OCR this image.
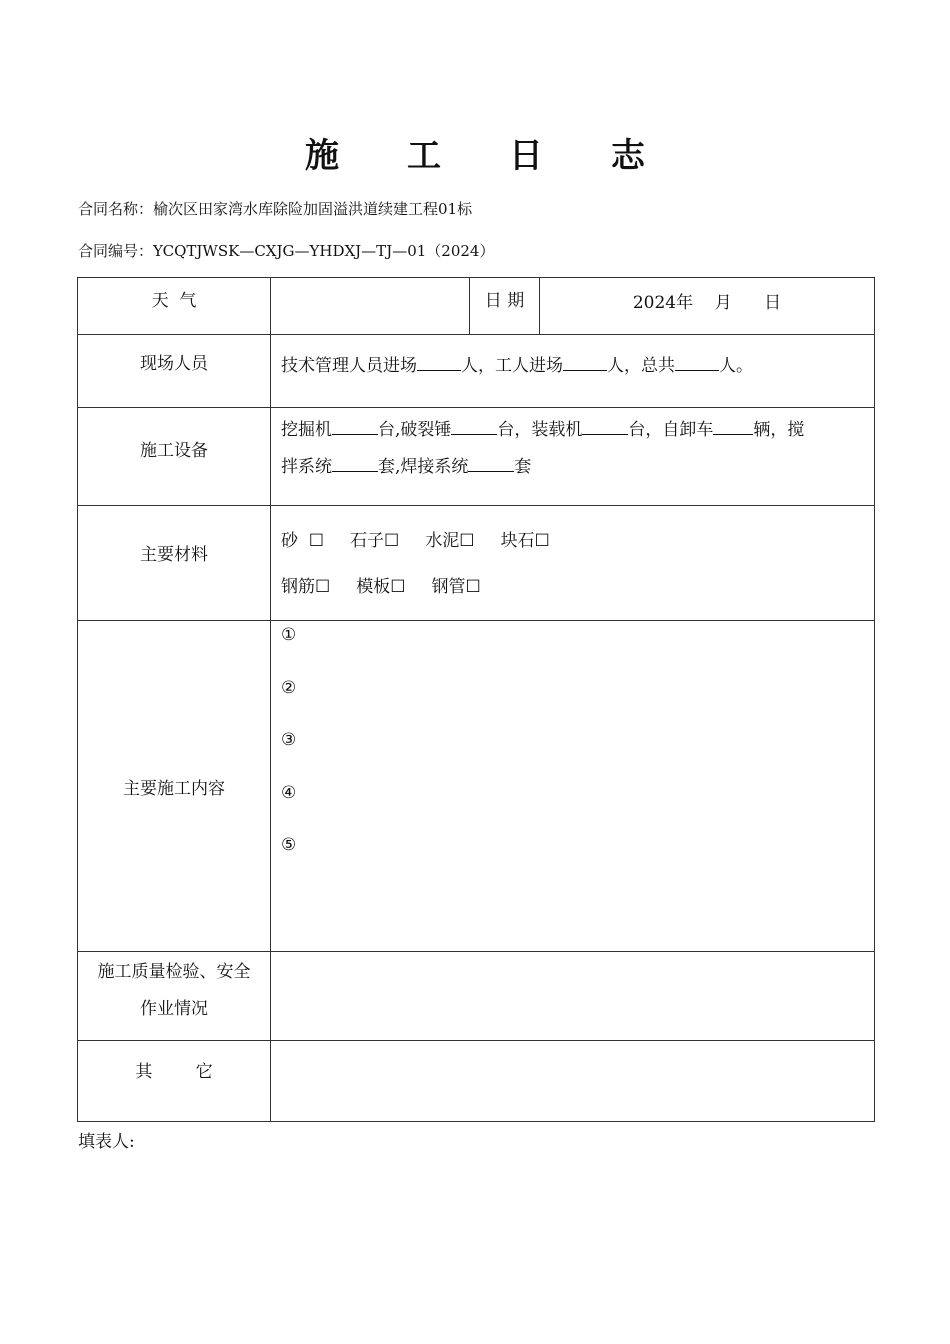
施 工 日 志
合同名称：榆次区田家湾水库除险加固溢洪道续建工程01标
合同编号：YCQTJWSK—CXJG—YHDXJ—TJ—01（2024）
天  气		日 期	2024年    月      日

现场人员	技术管理人员进场 人，工人进场 人，总共 人。		

施工设备	挖掘机 台,破裂锤 台，装载机 台，自卸车 辆，搅
拌系统 套,焊接系统 套		

主要材料	砂  ☐ 石子☐ 水泥☐ 块石☐
钢筋☐ 模板☐ 钢管☐		

主要施工内容	①
②
③
④
⑤		

施工质量检验、安全
作业情况			

其        它			

填表人:
